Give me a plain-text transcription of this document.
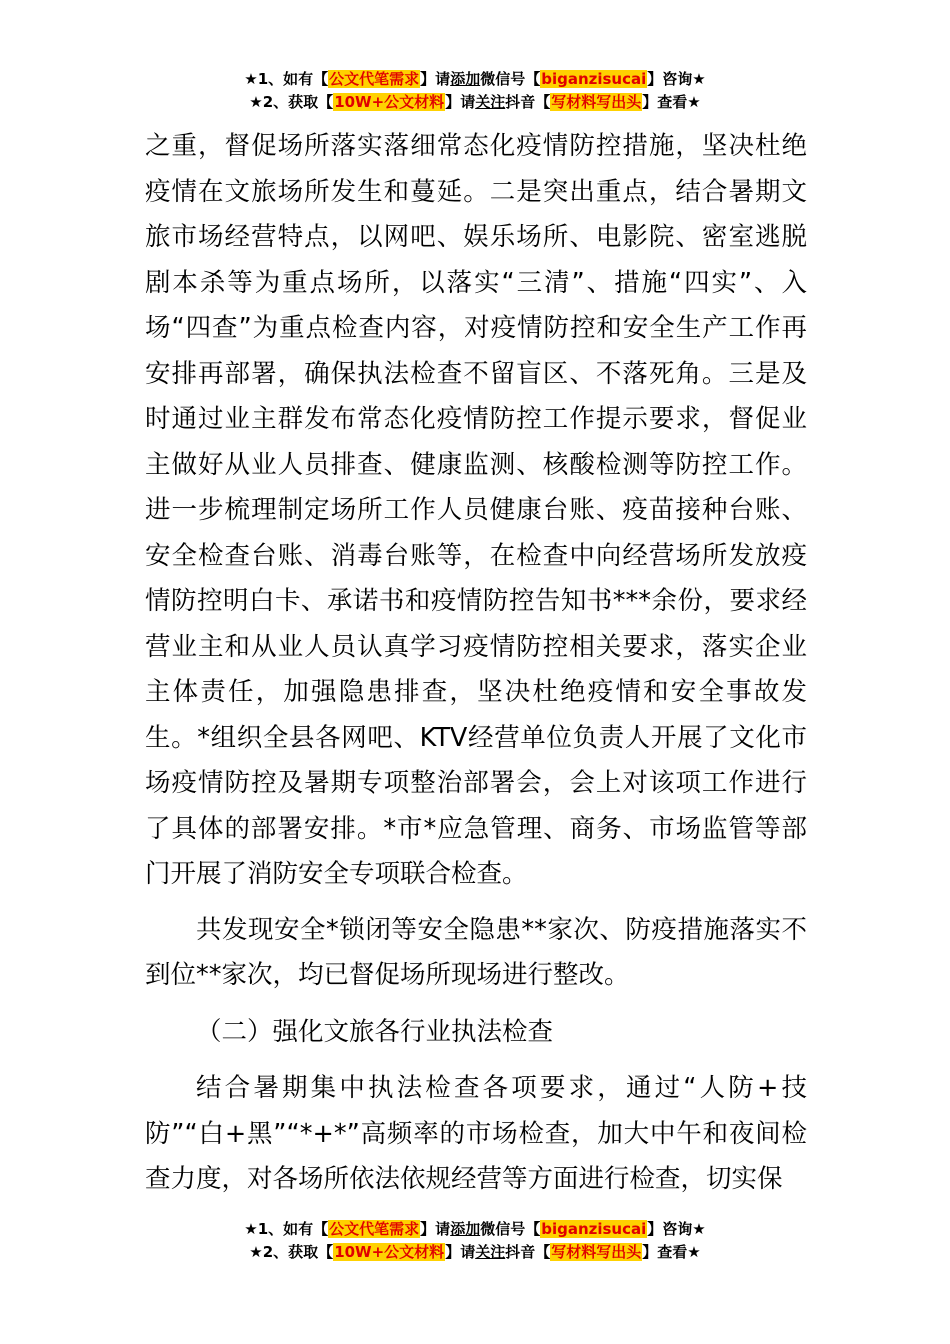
★1、如有【公文代笔需求】请添加微信号【biganzisucai】咨询★
★2、获取【10W+公文材料】请关注抖音【写材料写出头】查看★

之重，督促场所落实落细常态化疫情防控措施，坚决杜绝疫情在文旅场所发生和蔓延。二是突出重点，结合暑期文旅市场经营特点，以网吧、娱乐场所、电影院、密室逃脱剧本杀等为重点场所，以落实“三清”、措施“四实”、入场“四查”为重点检查内容，对疫情防控和安全生产工作再安排再部署，确保执法检查不留盲区、不落死角。三是及时通过业主群发布常态化疫情防控工作提示要求，督促业主做好从业人员排查、健康监测、核酸检测等防控工作。进一步梳理制定场所工作人员健康台账、疫苗接种台账、安全检查台账、消毒台账等，在检查中向经营场所发放疫情防控明白卡、承诺书和疫情防控告知书***余份，要求经营业主和从业人员认真学习疫情防控相关要求，落实企业主体责任，加强隐患排查，坚决杜绝疫情和安全事故发生。*组织全县各网吧、KTV经营单位负责人开展了文化市场疫情防控及暑期专项整治部署会，会上对该项工作进行了具体的部署安排。*市*应急管理、商务、市场监管等部门开展了消防安全专项联合检查。

共发现安全*锁闭等安全隐患**家次、防疫措施落实不到位**家次，均已督促场所现场进行整改。

（二）强化文旅各行业执法检查

结合暑期集中执法检查各项要求，通过“人防+技防”“白+黑”“*+*”高频率的市场检查，加大中午和夜间检查力度，对各场所依法依规经营等方面进行检查，切实保

★1、如有【公文代笔需求】请添加微信号【biganzisucai】咨询★
★2、获取【10W+公文材料】请关注抖音【写材料写出头】查看★
